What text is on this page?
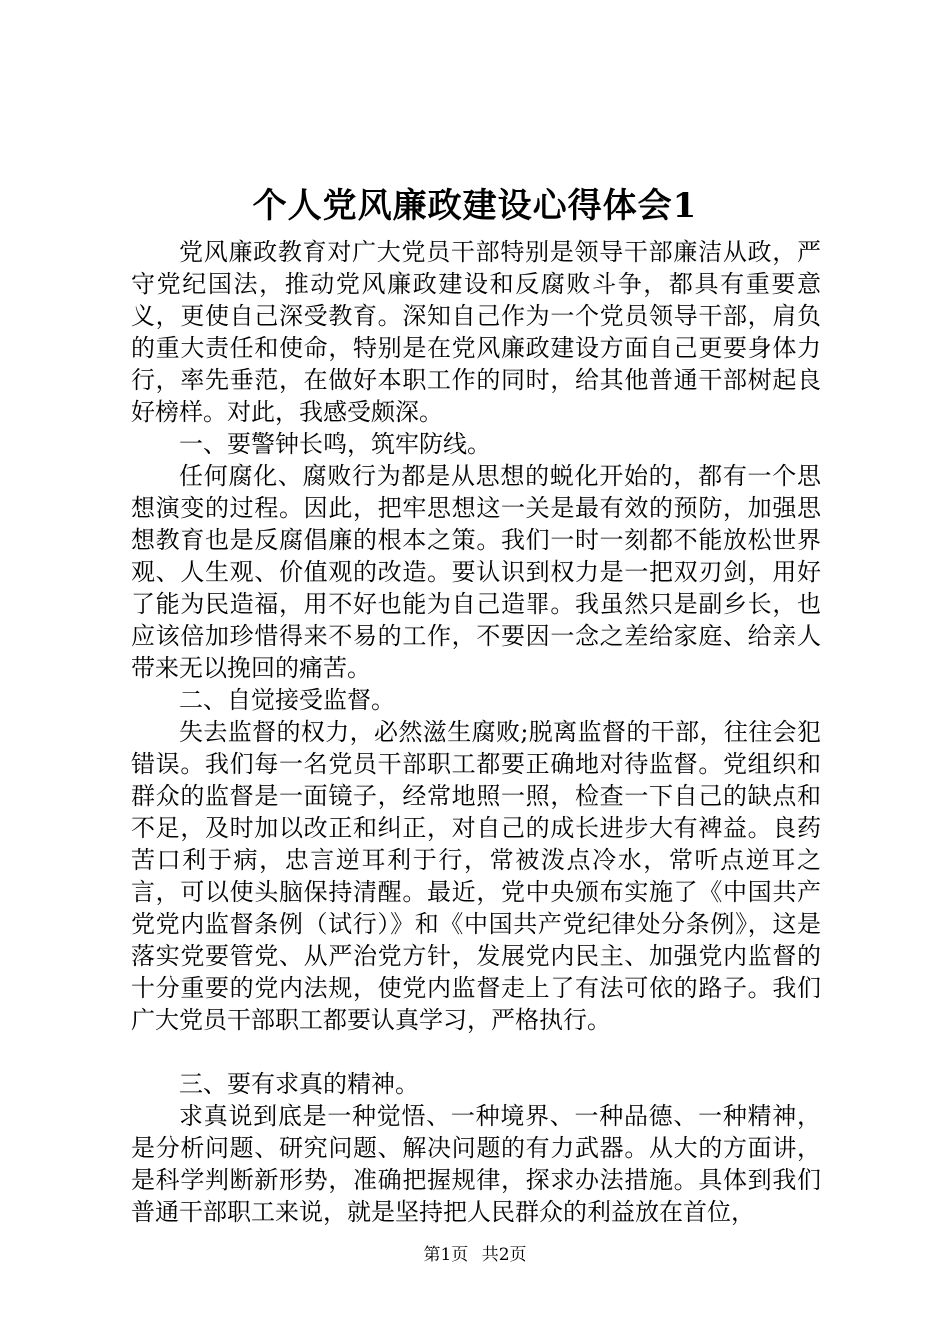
个人党风廉政建设心得体会1

党风廉政教育对广大党员干部特别是领导干部廉洁从政，严守党纪国法，推动党风廉政建设和反腐败斗争，都具有重要意义，更使自己深受教育。深知自己作为一个党员领导干部，肩负的重大责任和使命，特别是在党风廉政建设方面自己更要身体力行，率先垂范，在做好本职工作的同时，给其他普通干部树起良好榜样。对此，我感受颇深。

一、要警钟长鸣，筑牢防线。

任何腐化、腐败行为都是从思想的蜕化开始的，都有一个思想演变的过程。因此，把牢思想这一关是最有效的预防，加强思想教育也是反腐倡廉的根本之策。我们一时一刻都不能放松世界观、人生观、价值观的改造。要认识到权力是一把双刃剑，用好了能为民造福，用不好也能为自己造罪。我虽然只是副乡长，也应该倍加珍惜得来不易的工作，不要因一念之差给家庭、给亲人带来无以挽回的痛苦。

二、自觉接受监督。

失去监督的权力，必然滋生腐败;脱离监督的干部，往往会犯错误。我们每一名党员干部职工都要正确地对待监督。党组织和群众的监督是一面镜子，经常地照一照，检查一下自己的缺点和不足，及时加以改正和纠正，对自己的成长进步大有裨益。良药苦口利于病，忠言逆耳利于行，常被泼点冷水，常听点逆耳之言，可以使头脑保持清醒。最近，党中央颁布实施了《中国共产党党内监督条例（试行）》和《中国共产党纪律处分条例》，这是落实党要管党、从严治党方针，发展党内民主、加强党内监督的十分重要的党内法规，使党内监督走上了有法可依的路子。我们广大党员干部职工都要认真学习，严格执行。

三、要有求真的精神。

求真说到底是一种觉悟、一种境界、一种品德、一种精神，是分析问题、研究问题、解决问题的有力武器。从大的方面讲，是科学判断新形势，准确把握规律，探求办法措施。具体到我们普通干部职工来说，就是坚持把人民群众的利益放在首位，

第1页 共2页
